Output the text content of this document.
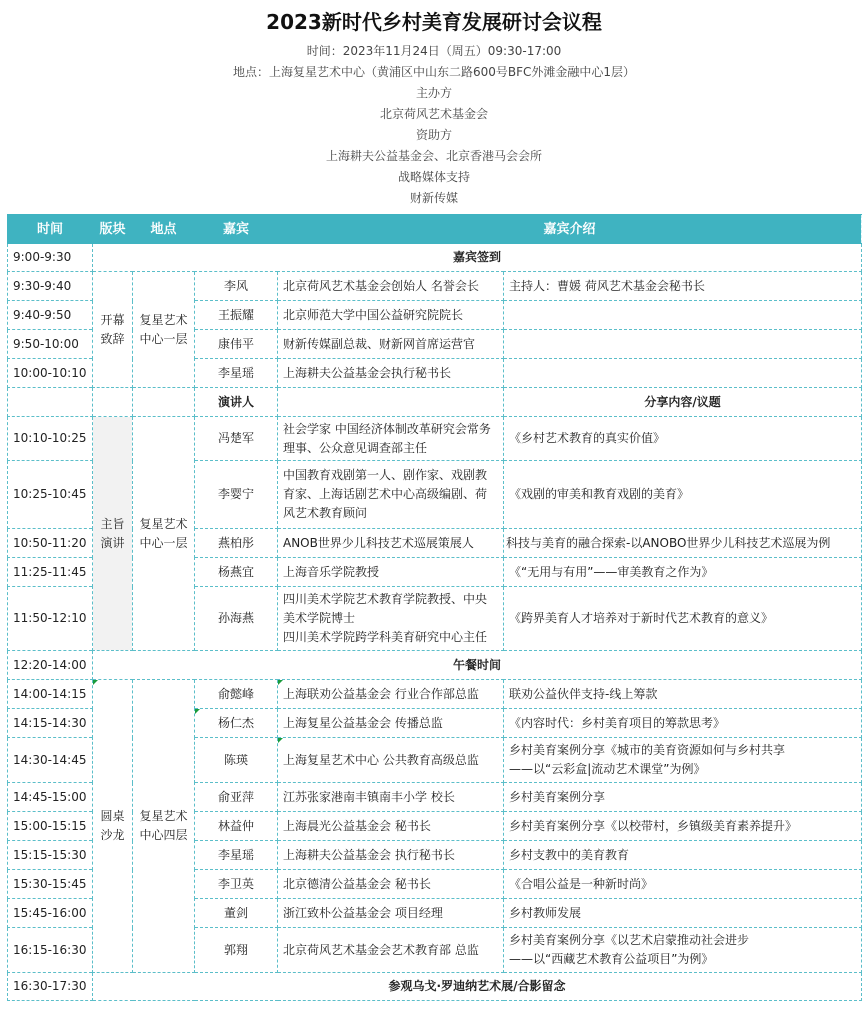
2023新时代乡村美育发展研讨会议程
时间：2023年11月24日（周五）09:30-17:00
地点：上海复星艺术中心（黄浦区中山东二路600号BFC外滩金融中心1层）
主办方
北京荷风艺术基金会
资助方
上海耕夫公益基金会、北京香港马会会所
战略媒体支持
财新传媒
时间	版块	地点	嘉宾	嘉宾介绍	
9:00-9:30	嘉宾签到				
9:30-9:40	开幕致辞	复星艺术中心一层	李风	北京荷风艺术基金会创始人 名誉会长	主持人：曹媛 荷风艺术基金会秘书长
9:40-9:50			王振耀	北京师范大学中国公益研究院院长	
9:50-10:00			康伟平	财新传媒副总裁、财新网首席运营官	
10:00-10:10			李星瑶	上海耕夫公益基金会执行秘书长	
			演讲人		分享内容/议题
10:10-10:25	主旨演讲	复星艺术中心一层	冯楚军	社会学家 中国经济体制改革研究会常务理事、公众意见调查部主任	《乡村艺术教育的真实价值》
10:25-10:45			李婴宁	中国教育戏剧第一人、剧作家、戏剧教育家、上海话剧艺术中心高级编剧、荷风艺术教育顾问	《戏剧的审美和教育戏剧的美育》
10:50-11:20			燕柏彤	ANOB世界少儿科技艺术巡展策展人	科技与美育的融合探索-以ANOBO世界少儿科技艺术巡展为例
11:25-11:45			杨燕宜	上海音乐学院教授	《“无用与有用”——审美教育之作为》
11:50-12:10			孙海燕	四川美术学院艺术教育学院教授、中央美术学院博士
四川美术学院跨学科美育研究中心主任	《跨界美育人才培养对于新时代艺术教育的意义》
12:20-14:00	午餐时间				
14:00-14:15	圆桌沙龙	复星艺术中心四层	俞懿峰	上海联劝公益基金会 行业合作部总监	联劝公益伙伴支持-线上筹款
14:15-14:30			杨仁杰	上海复星公益基金会 传播总监	《内容时代：乡村美育项目的筹款思考》
14:30-14:45			陈瑛	上海复星艺术中心 公共教育高级总监	乡村美育案例分享《城市的美育资源如何与乡村共享
——以“云彩盒|流动艺术课堂”为例》

14:45-15:00			俞亚萍	江苏张家港南丰镇南丰小学 校长	乡村美育案例分享
15:00-15:15			林益仲	上海晨光公益基金会 秘书长	乡村美育案例分享《以校带村，乡镇级美育素养提升》
15:15-15:30			李星瑶	上海耕夫公益基金会 执行秘书长	乡村支教中的美育教育
15:30-15:45			李卫英	北京德清公益基金会 秘书长	《合唱公益是一种新时尚》
15:45-16:00			董剑	浙江致朴公益基金会 项目经理	乡村教师发展
16:15-16:30			郭翔	北京荷风艺术基金会艺术教育部 总监	乡村美育案例分享《以艺术启蒙推动社会进步
——以“西藏艺术教育公益项目”为例》

16:30-17:30	参观乌戈·罗迪纳艺术展/合影留念				
